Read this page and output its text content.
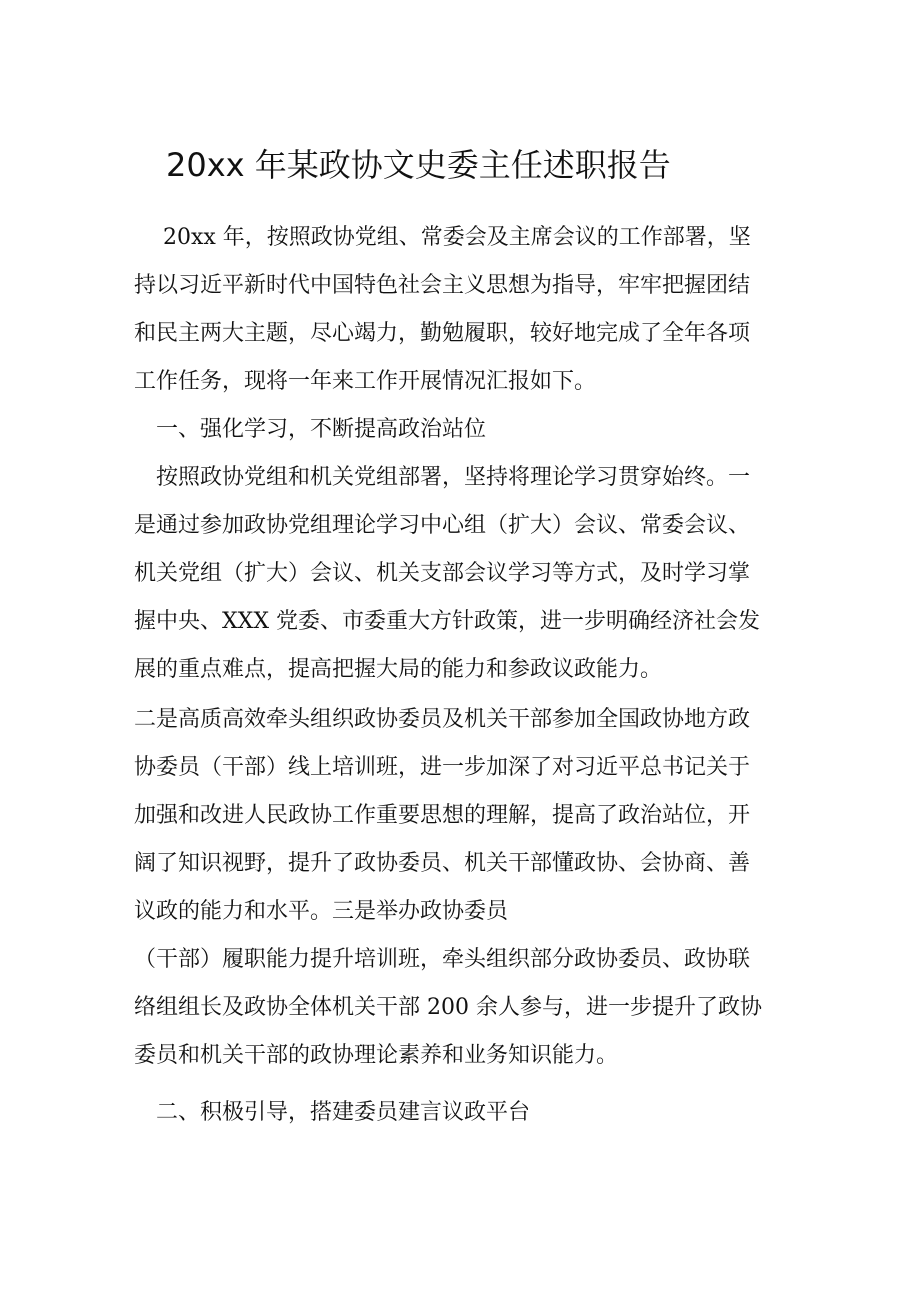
20xx 年某政协文史委主任述职报告

　 20xx 年，按照政协党组、常委会及主席会议的工作部署，坚

持以习近平新时代中国特色社会主义思想为指导，牢牢把握团结

和民主两大主题，尽心竭力，勤勉履职，较好地完成了全年各项

工作任务，现将一年来工作开展情况汇报如下。

　一、强化学习，不断提高政治站位

　按照政协党组和机关党组部署，坚持将理论学习贯穿始终。一

是通过参加政协党组理论学习中心组（扩大）会议、常委会议、

机关党组（扩大）会议、机关支部会议学习等方式，及时学习掌

握中央、XXX 党委、市委重大方针政策，进一步明确经济社会发

展的重点难点，提高把握大局的能力和参政议政能力。

二是高质高效牵头组织政协委员及机关干部参加全国政协地方政

协委员（干部）线上培训班，进一步加深了对习近平总书记关于

加强和改进人民政协工作重要思想的理解，提高了政治站位，开

阔了知识视野，提升了政协委员、机关干部懂政协、会协商、善

议政的能力和水平。三是举办政协委员

（干部）履职能力提升培训班，牵头组织部分政协委员、政协联

络组组长及政协全体机关干部 200 余人参与，进一步提升了政协

委员和机关干部的政协理论素养和业务知识能力。

　二、积极引导，搭建委员建言议政平台
